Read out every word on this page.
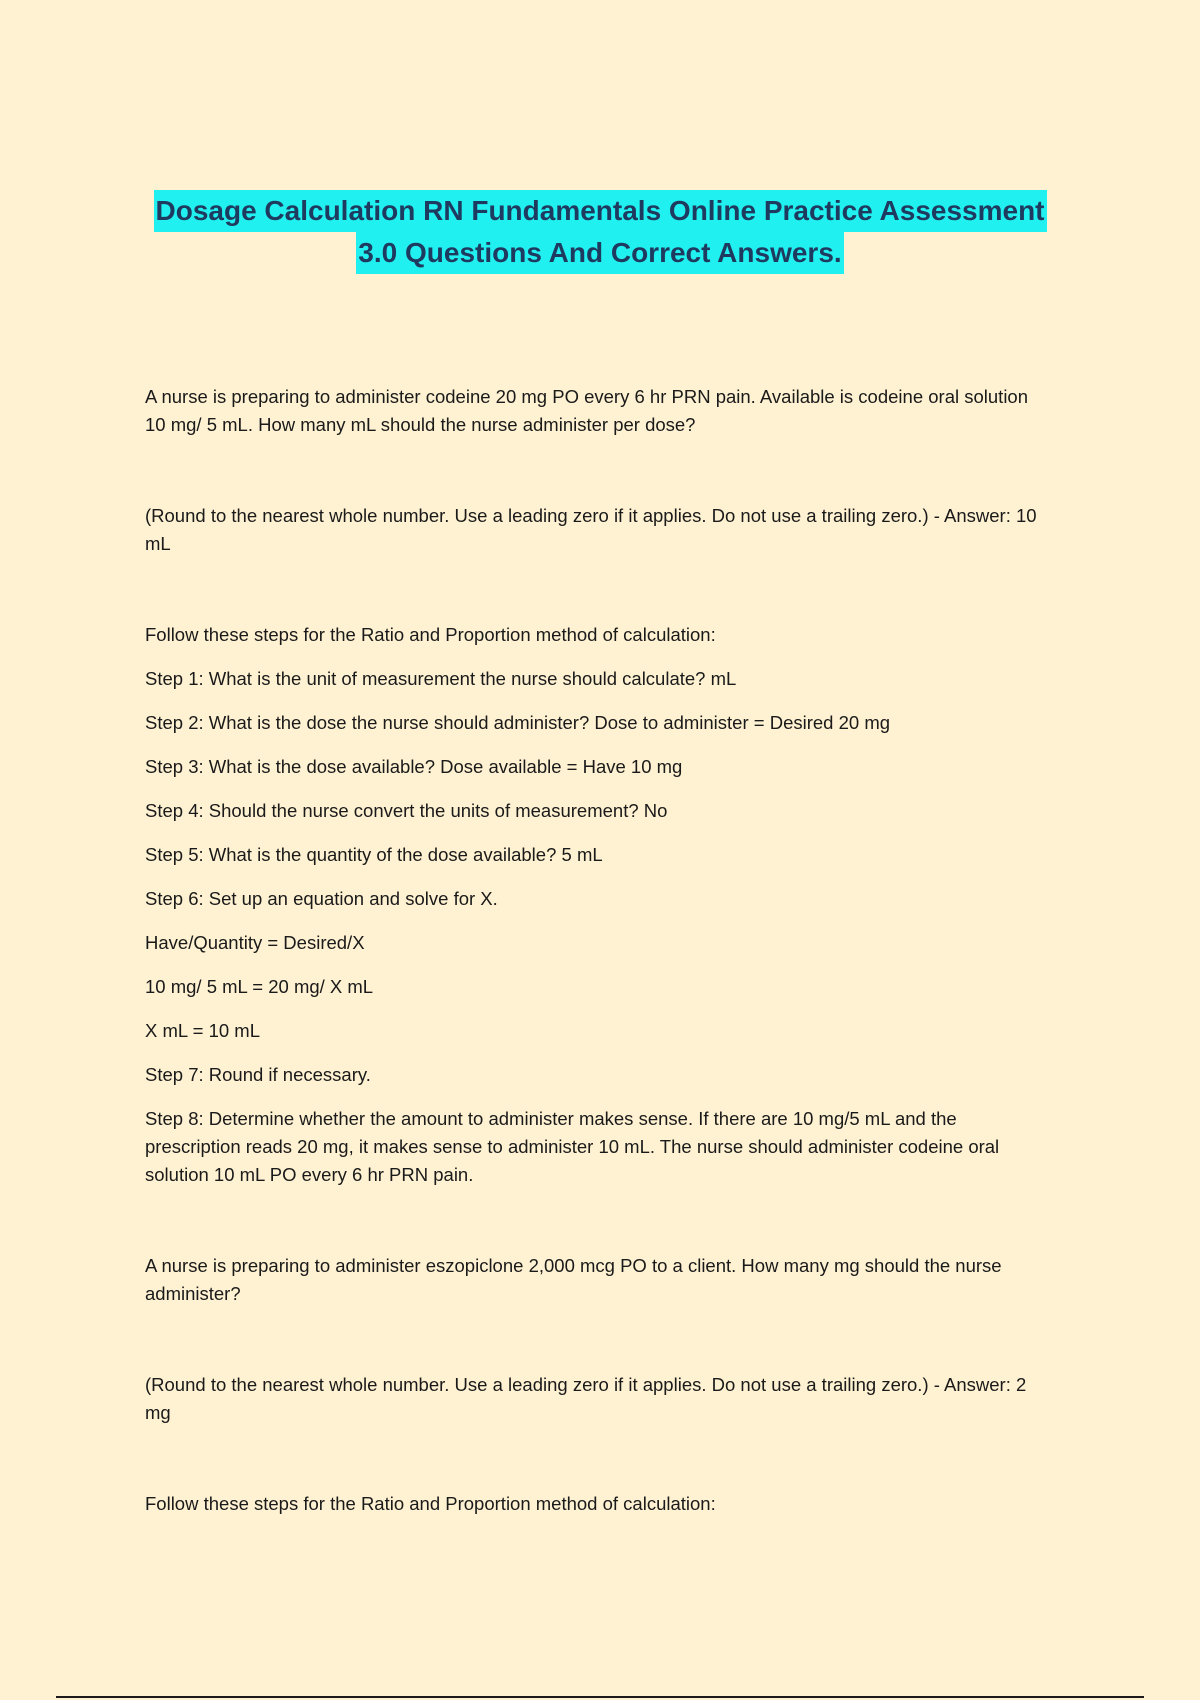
Dosage Calculation RN Fundamentals Online Practice Assessment
3.0 Questions And Correct Answers.

A nurse is preparing to administer codeine 20 mg PO every 6 hr PRN pain. Available is codeine oral solution 10 mg/ 5 mL. How many mL should the nurse administer per dose?

(Round to the nearest whole number. Use a leading zero if it applies. Do not use a trailing zero.) - Answer: 10 mL

Follow these steps for the Ratio and Proportion method of calculation:

Step 1: What is the unit of measurement the nurse should calculate? mL

Step 2: What is the dose the nurse should administer? Dose to administer = Desired 20 mg

Step 3: What is the dose available? Dose available = Have 10 mg

Step 4: Should the nurse convert the units of measurement? No

Step 5: What is the quantity of the dose available? 5 mL

Step 6: Set up an equation and solve for X.

Have/Quantity = Desired/X

10 mg/ 5 mL = 20 mg/ X mL

X mL = 10 mL

Step 7: Round if necessary.

Step 8: Determine whether the amount to administer makes sense. If there are 10 mg/5 mL and the prescription reads 20 mg, it makes sense to administer 10 mL. The nurse should administer codeine oral solution 10 mL PO every 6 hr PRN pain.

A nurse is preparing to administer eszopiclone 2,000 mcg PO to a client. How many mg should the nurse administer?

(Round to the nearest whole number. Use a leading zero if it applies. Do not use a trailing zero.) - Answer: 2 mg

Follow these steps for the Ratio and Proportion method of calculation:
